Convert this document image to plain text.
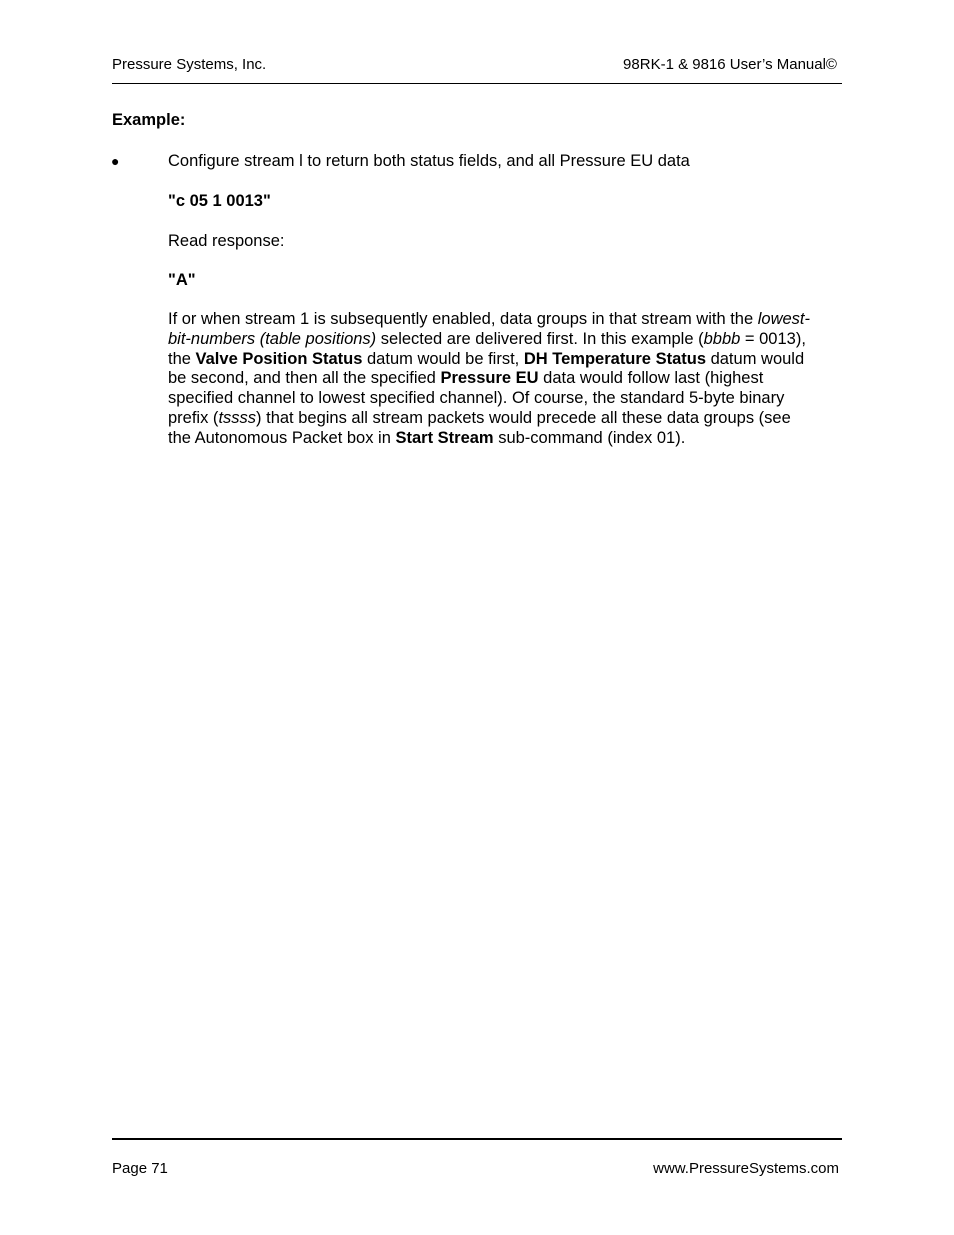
Pressure Systems, Inc.	98RK-1 & 9816 User’s Manual©
Example:
●	Configure stream l to return both status fields, and all Pressure EU data
"c 05 1 0013"
Read response:
"A"
If or when stream 1 is subsequently enabled, data groups in that stream with the lowest-
bit-numbers (table positions) selected are delivered first. In this example (bbbb = 0013),
the Valve Position Status datum would be first, DH Temperature Status datum would
be second, and then all the specified Pressure EU data would follow last (highest
specified channel to lowest specified channel). Of course, the standard 5-byte binary
prefix (tssss) that begins all stream packets would precede all these data groups (see
the Autonomous Packet box in Start Stream sub-command (index 01).
Page 71	www.PressureSystems.com
